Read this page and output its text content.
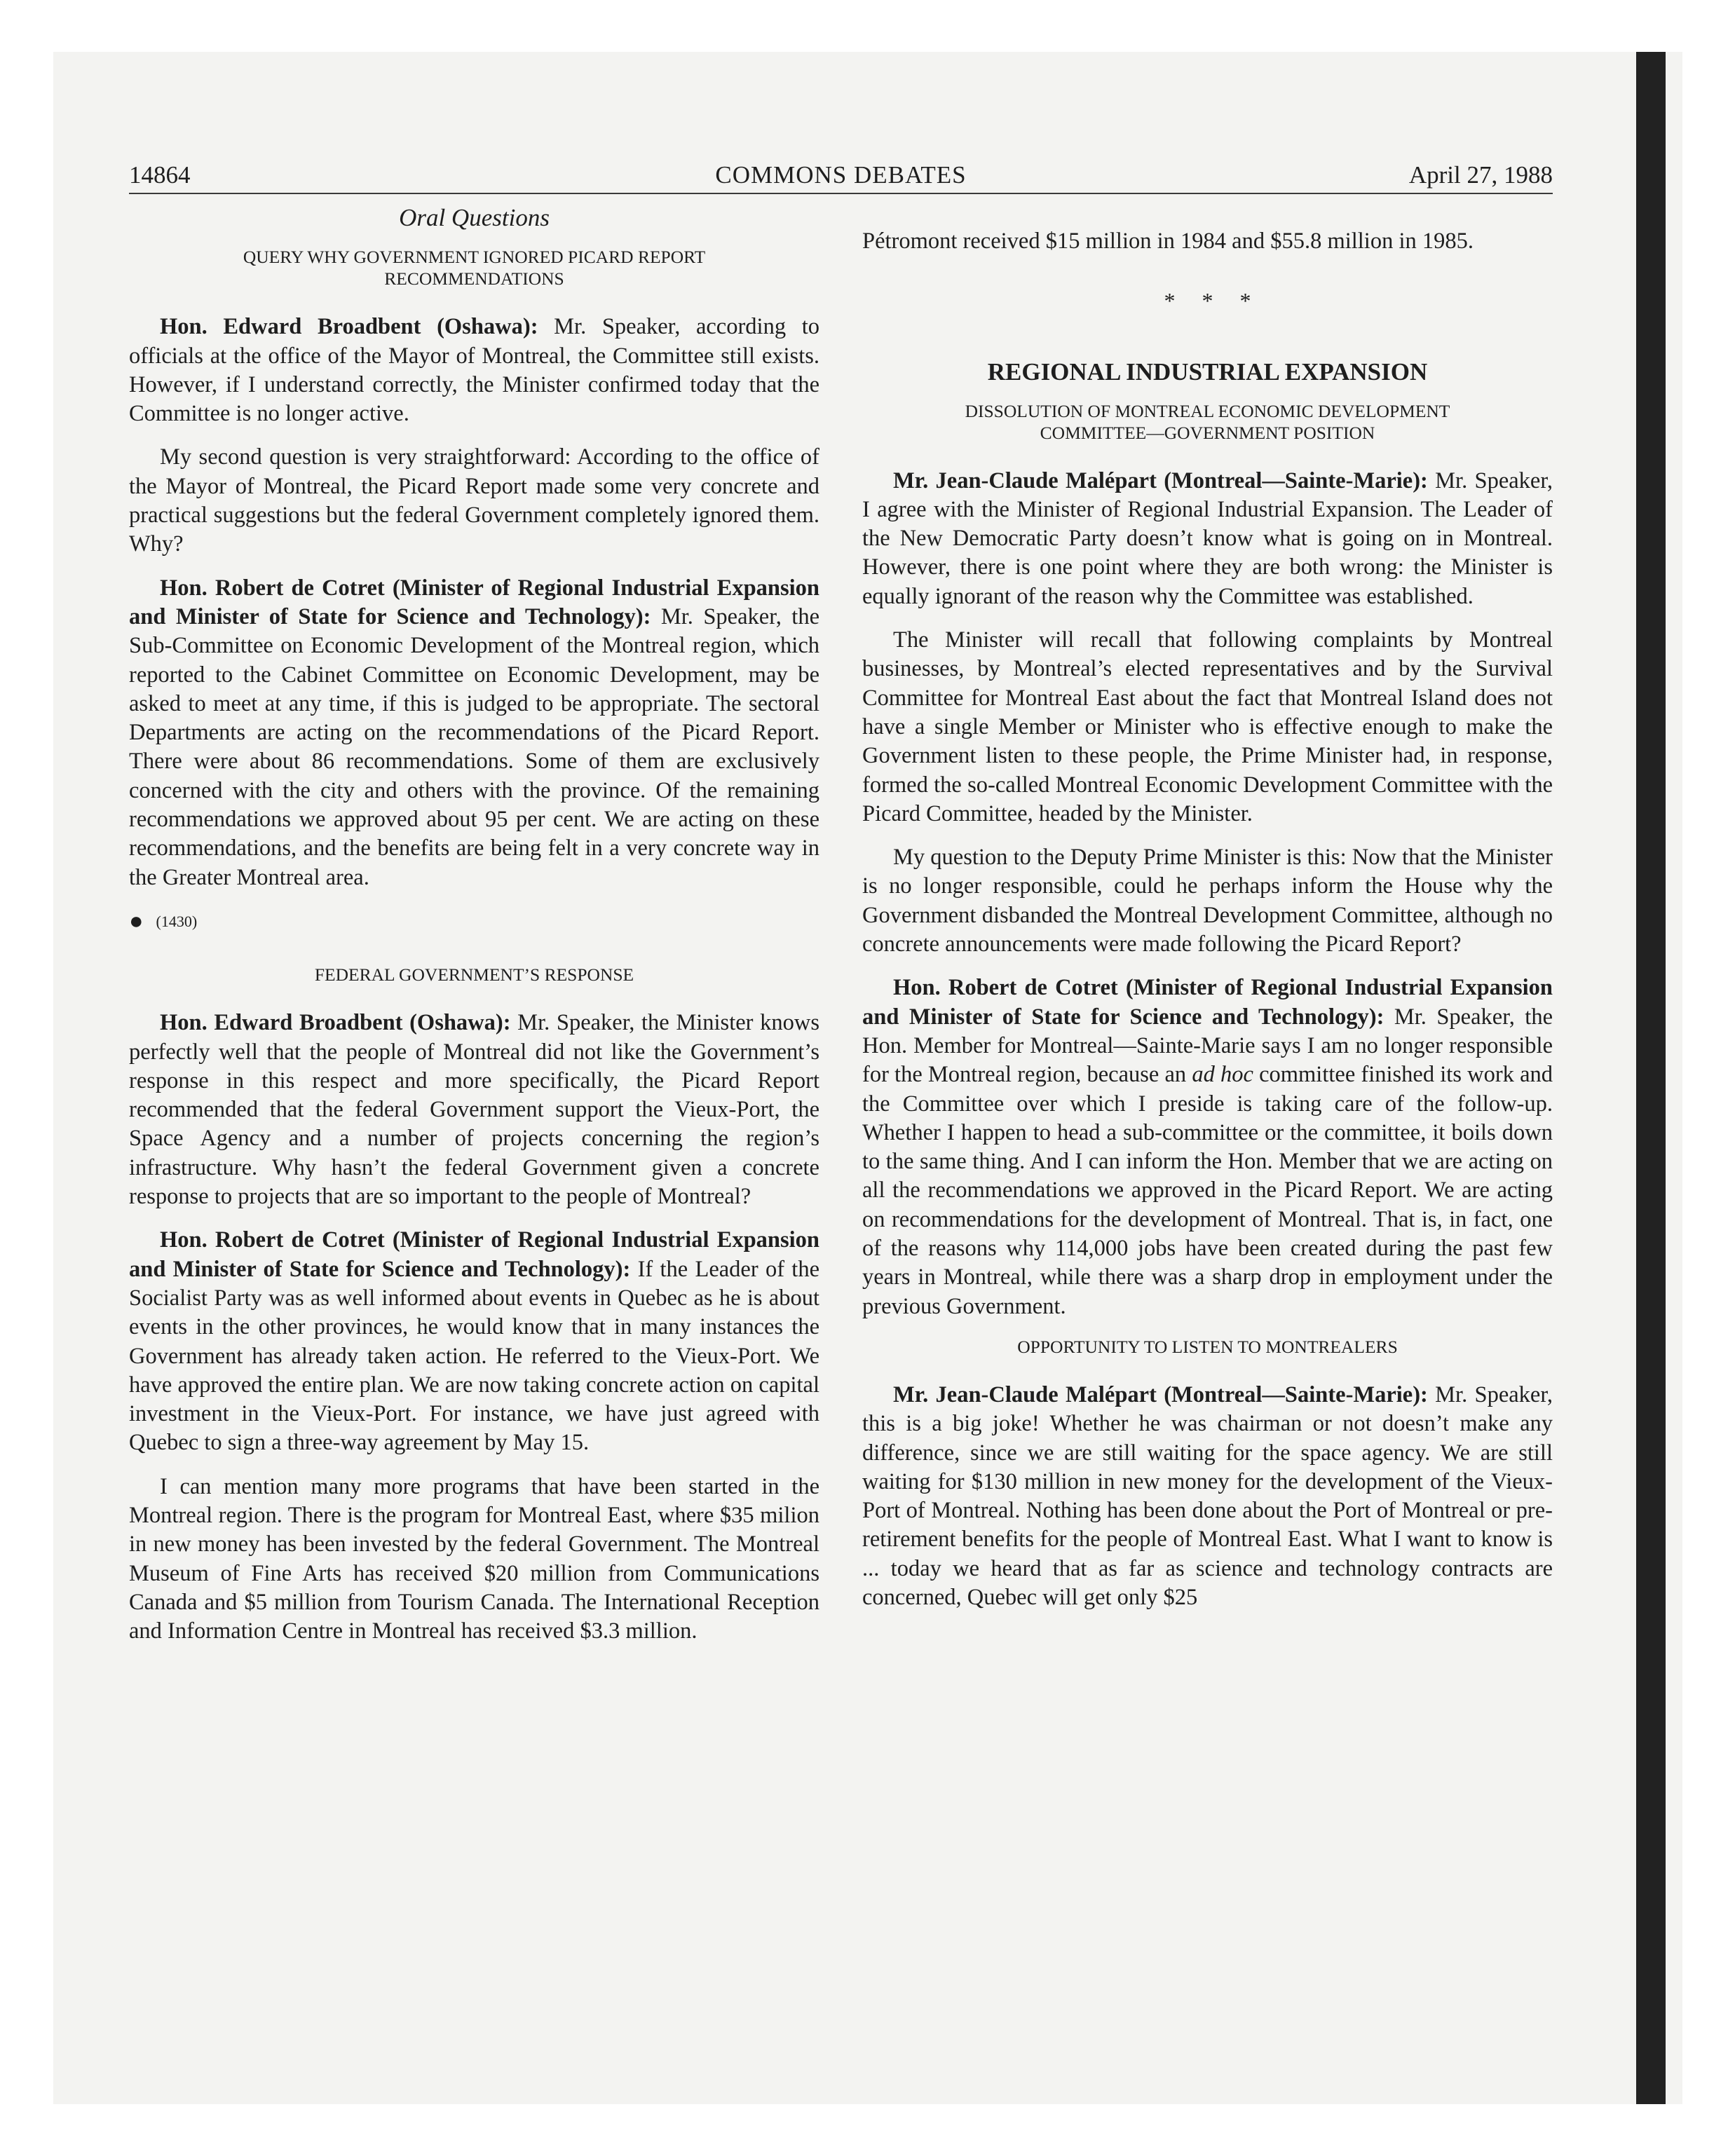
14864	COMMONS DEBATES	April 27, 1988
Oral Questions
QUERY WHY GOVERNMENT IGNORED PICARD REPORT RECOMMENDATIONS

Hon. Edward Broadbent (Oshawa): Mr. Speaker, according to officials at the office of the Mayor of Montreal, the Committee still exists. However, if I understand correctly, the Minister confirmed today that the Committee is no longer active.

My second question is very straightforward: According to the office of the Mayor of Montreal, the Picard Report made some very concrete and practical suggestions but the federal Government completely ignored them. Why?

Hon. Robert de Cotret (Minister of Regional Industrial Expansion and Minister of State for Science and Technology): Mr. Speaker, the Sub-Committee on Economic Development of the Montreal region, which reported to the Cabinet Committee on Economic Development, may be asked to meet at any time, if this is judged to be appropriate. The sectoral Departments are acting on the recommendations of the Picard Report. There were about 86 recommendations. Some of them are exclusively concerned with the city and others with the province. Of the remaining recommendations we approved about 95 per cent. We are acting on these recommendations, and the benefits are being felt in a very concrete way in the Greater Montreal area.

● (1430)
FEDERAL GOVERNMENT’S RESPONSE

Hon. Edward Broadbent (Oshawa): Mr. Speaker, the Minister knows perfectly well that the people of Montreal did not like the Government’s response in this respect and more specifically, the Picard Report recommended that the federal Government support the Vieux-Port, the Space Agency and a number of projects concerning the region’s infrastructure. Why hasn’t the federal Government given a concrete response to projects that are so important to the people of Montreal?

Hon. Robert de Cotret (Minister of Regional Industrial Expansion and Minister of State for Science and Technology): If the Leader of the Socialist Party was as well informed about events in Quebec as he is about events in the other provinces, he would know that in many instances the Government has already taken action. He referred to the Vieux-Port. We have approved the entire plan. We are now taking concrete action on capital investment in the Vieux-Port. For instance, we have just agreed with Quebec to sign a three-way agreement by May 15.

I can mention many more programs that have been started in the Montreal region. There is the program for Montreal East, where $35 milion in new money has been invested by the federal Government. The Montreal Museum of Fine Arts has received $20 million from Communications Canada and $5 million from Tourism Canada. The International Reception and Information Centre in Montreal has received $3.3 million.

Pétromont received $15 million in 1984 and $55.8 million in 1985.

* * *
REGIONAL INDUSTRIAL EXPANSION
DISSOLUTION OF MONTREAL ECONOMIC DEVELOPMENT COMMITTEE—GOVERNMENT POSITION

Mr. Jean-Claude Malépart (Montreal—Sainte-Marie): Mr. Speaker, I agree with the Minister of Regional Industrial Expansion. The Leader of the New Democratic Party doesn’t know what is going on in Montreal. However, there is one point where they are both wrong: the Minister is equally ignorant of the reason why the Committee was established.

The Minister will recall that following complaints by Montreal businesses, by Montreal’s elected representatives and by the Survival Committee for Montreal East about the fact that Montreal Island does not have a single Member or Minister who is effective enough to make the Government listen to these people, the Prime Minister had, in response, formed the so-called Montreal Economic Development Committee with the Picard Committee, headed by the Minister.

My question to the Deputy Prime Minister is this: Now that the Minister is no longer responsible, could he perhaps inform the House why the Government disbanded the Montreal Development Committee, although no concrete announcements were made following the Picard Report?

Hon. Robert de Cotret (Minister of Regional Industrial Expansion and Minister of State for Science and Technology): Mr. Speaker, the Hon. Member for Montreal—Sainte-Marie says I am no longer responsible for the Montreal region, because an ad hoc committee finished its work and the Committee over which I preside is taking care of the follow-up. Whether I happen to head a sub-committee or the committee, it boils down to the same thing. And I can inform the Hon. Member that we are acting on all the recommendations we approved in the Picard Report. We are acting on recommendations for the development of Montreal. That is, in fact, one of the reasons why 114,000 jobs have been created during the past few years in Montreal, while there was a sharp drop in employment under the previous Government.

OPPORTUNITY TO LISTEN TO MONTREALERS

Mr. Jean-Claude Malépart (Montreal—Sainte-Marie): Mr. Speaker, this is a big joke! Whether he was chairman or not doesn’t make any difference, since we are still waiting for the space agency. We are still waiting for $130 million in new money for the development of the Vieux-Port of Montreal. Nothing has been done about the Port of Montreal or pre-retirement benefits for the people of Montreal East. What I want to know is ... today we heard that as far as science and technology contracts are concerned, Quebec will get only $25
